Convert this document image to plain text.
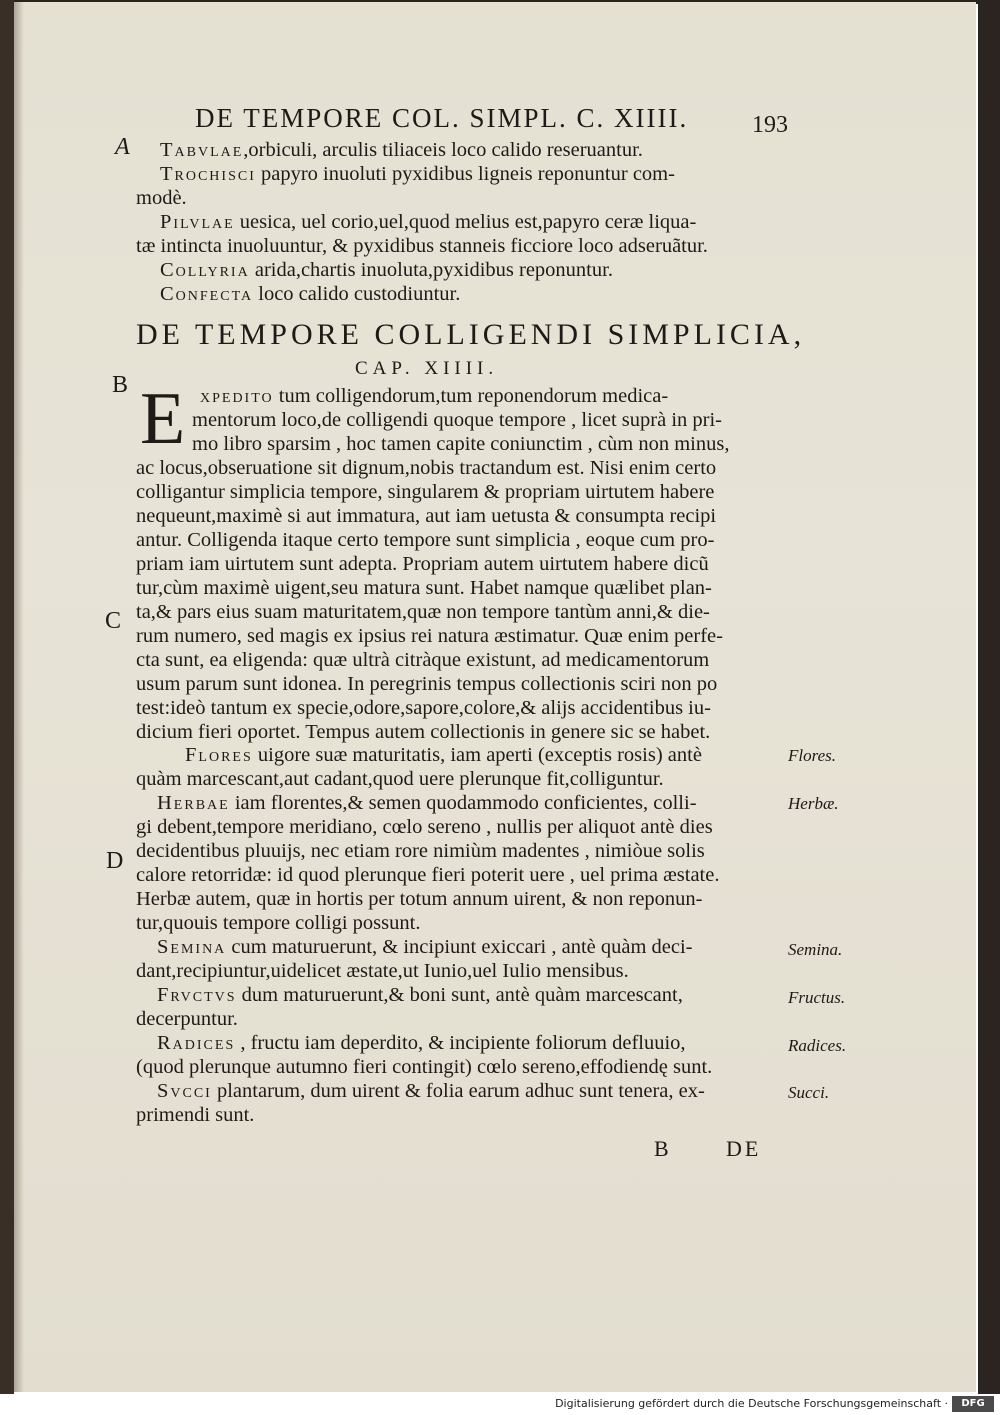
DE TEMPORE COL. SIMPL. C. XIIII.	193
A
B
C
D
Tabvlae,orbiculi, arculis tiliaceis loco calido reseruantur.
Trochisci papyro inuoluti pyxidibus ligneis reponuntur com-
modè.
Pilvlae uesica, uel corio,uel,quod melius est,papyro ceræ liqua-
tæ intincta inuoluuntur, & pyxidibus stanneis ficciore loco adseruãtur.
Collyria arida,chartis inuoluta,pyxidibus reponuntur.
Confecta loco calido custodiuntur.
DE TEMPORE COLLIGENDI SIMPLICIA,
CAP. XIIII.
E xpedito tum colligendorum,tum reponendorum medica-
mentorum loco,de colligendi quoque tempore , licet suprà in pri-
mo libro sparsim , hoc tamen capite coniunctim , cùm non minus,
ac locus,obseruatione sit dignum,nobis tractandum est. Nisi enim certo
colligantur simplicia tempore, singularem & propriam uirtutem habere
nequeunt,maximè si aut immatura, aut iam uetusta & consumpta recipi
antur. Colligenda itaque certo tempore sunt simplicia , eoque cum pro-
priam iam uirtutem sunt adepta. Propriam autem uirtutem habere dicũ
tur,cùm maximè uigent,seu matura sunt. Habet namque quælibet plan-
ta,& pars eius suam maturitatem,quæ non tempore tantùm anni,& die-
rum numero, sed magis ex ipsius rei natura æstimatur. Quæ enim perfe-
cta sunt, ea eligenda: quæ ultrà citràque existunt, ad medicamentorum
usum parum sunt idonea. In peregrinis tempus collectionis sciri non po
test:ideò tantum ex specie,odore,sapore,colore,& alijs accidentibus iu-
dicium fieri oportet. Tempus autem collectionis in genere sic se habet.
Flores uigore suæ maturitatis, iam aperti (exceptis rosis) antè
quàm marcescant,aut cadant,quod uere plerunque fit,colliguntur.
Herbae iam florentes,& semen quodammodo conficientes, colli-
gi debent,tempore meridiano, cœlo sereno , nullis per aliquot antè dies
decidentibus pluuijs, nec etiam rore nimiùm madentes , nimiòue solis
calore retorridæ: id quod plerunque fieri poterit uere , uel prima æstate.
Herbæ autem, quæ in hortis per totum annum uirent, & non reponun-
tur,quouis tempore colligi possunt.
Semina cum maturuerunt, & incipiunt exiccari , antè quàm deci-
dant,recipiuntur,uidelicet æstate,ut Iunio,uel Iulio mensibus.
Frvctvs dum maturuerunt,& boni sunt, antè quàm marcescant,
decerpuntur.
Radices , fructu iam deperdito, & incipiente foliorum defluuio,
(quod plerunque autumno fieri contingit) cœlo sereno,effodiendę sunt.
Svcci plantarum, dum uirent & folia earum adhuc sunt tenera, ex-
primendi sunt.
Flores.
Herbæ.
Semina.
Fructus.
Radices.
Succi.
B DE
Digitalisierung gefördert durch die Deutsche Forschungsgemeinschaft ·	DFG
